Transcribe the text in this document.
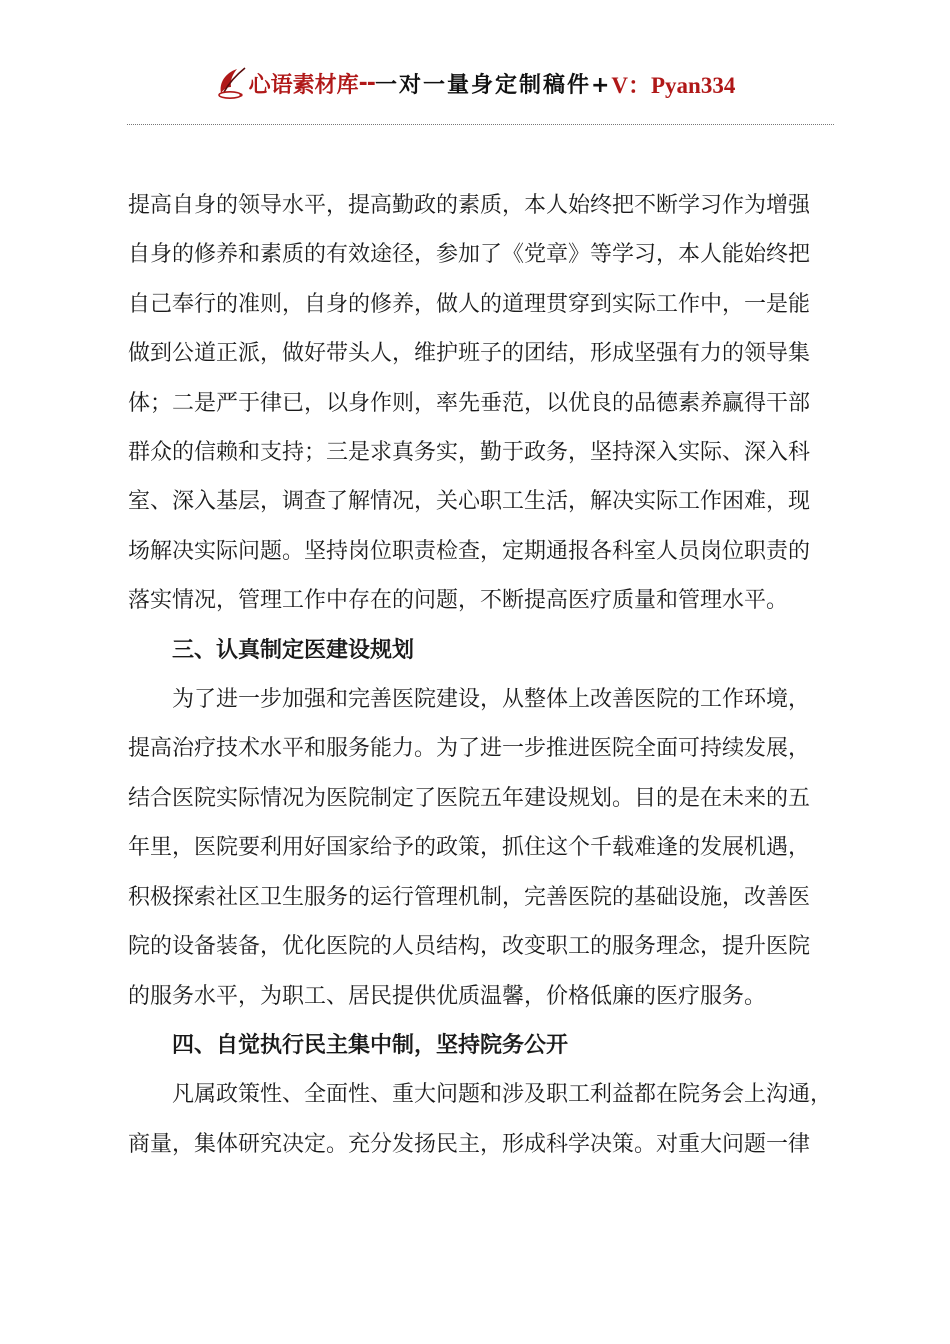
心语素材库 -- 一对一量身定制稿件+ V：Pyan334

提高自身的领导水平，提高勤政的素质，本人始终把不断学习作为增强
自身的修养和素质的有效途径，参加了《党章》等学习，本人能始终把
自己奉行的准则，自身的修养，做人的道理贯穿到实际工作中，一是能
做到公道正派，做好带头人，维护班子的团结，形成坚强有力的领导集
体；二是严于律已，以身作则，率先垂范，以优良的品德素养赢得干部
群众的信赖和支持；三是求真务实，勤于政务，坚持深入实际、深入科
室、深入基层，调查了解情况，关心职工生活，解决实际工作困难，现
场解决实际问题。坚持岗位职责检查，定期通报各科室人员岗位职责的
落实情况，管理工作中存在的问题，不断提高医疗质量和管理水平。

三、认真制定医建设规划

为了进一步加强和完善医院建设，从整体上改善医院的工作环境，
提高治疗技术水平和服务能力。为了进一步推进医院全面可持续发展，
结合医院实际情况为医院制定了医院五年建设规划。目的是在未来的五
年里，医院要利用好国家给予的政策，抓住这个千载难逢的发展机遇，
积极探索社区卫生服务的运行管理机制，完善医院的基础设施，改善医
院的设备装备，优化医院的人员结构，改变职工的服务理念，提升医院
的服务水平，为职工、居民提供优质温馨，价格低廉的医疗服务。

四、自觉执行民主集中制，坚持院务公开

凡属政策性、全面性、重大问题和涉及职工利益都在院务会上沟通，
商量，集体研究决定。充分发扬民主，形成科学决策。对重大问题一律
